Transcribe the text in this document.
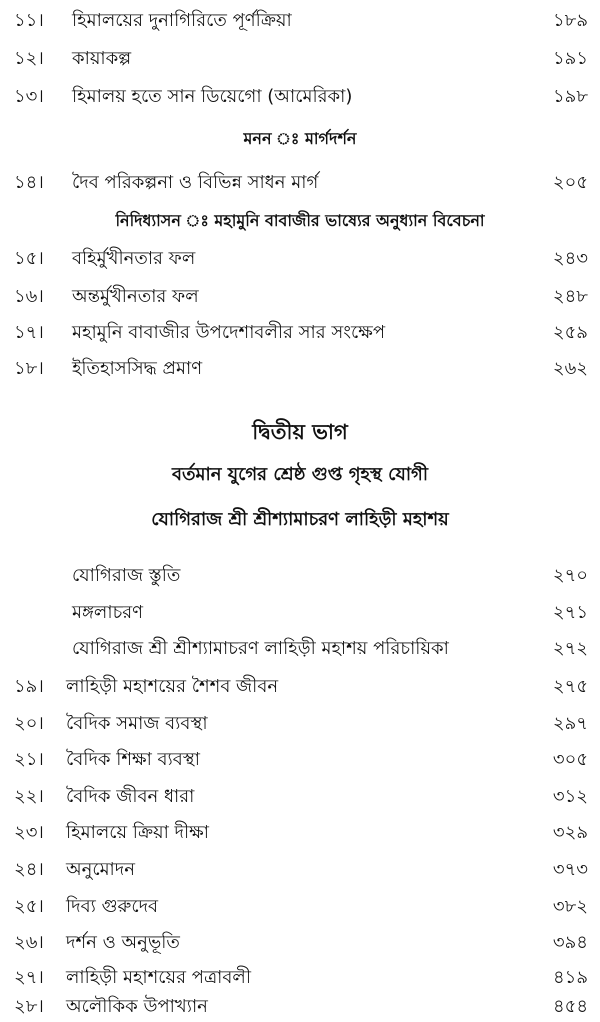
১১। হিমালয়ের দুনাগিরিতে পূর্ণক্রিয়া	১৮৯
১২। কায়াকল্প	১৯১
১৩। হিমালয় হতে সান ডিয়েগো (আমেরিকা)	১৯৮
মনন ঃ মার্গদর্শন
১৪। দৈব পরিকল্পনা ও বিভিন্ন সাধন মার্গ	২০৫
নিদিধ্যাসন ঃ মহামুনি বাবাজীর ভাষ্যের অনুধ্যান বিবেচনা
১৫। বহির্মুখীনতার ফল	২৪৩
১৬। অন্তর্মুখীনতার ফল	২৪৮
১৭। মহামুনি বাবাজীর উপদেশাবলীর সার সংক্ষেপ	২৫৯
১৮। ইতিহাসসিদ্ধ প্রমাণ	২৬২
দ্বিতীয় ভাগ
বর্তমান যুগের শ্রেষ্ঠ গুপ্ত গৃহস্থ যোগী
যোগিরাজ শ্রী শ্রীশ্যামাচরণ লাহিড়ী মহাশয়
যোগিরাজ স্তুতি	২৭০
মঙ্গলাচরণ	২৭১
যোগিরাজ শ্রী শ্রীশ্যামাচরণ লাহিড়ী মহাশয় পরিচায়িকা	২৭২
১৯। লাহিড়ী মহাশয়ের শৈশব জীবন	২৭৫
২০। বৈদিক সমাজ ব্যবস্থা	২৯৭
২১। বৈদিক শিক্ষা ব্যবস্থা	৩০৫
২২। বৈদিক জীবন ধারা	৩১২
২৩। হিমালয়ে ক্রিয়া দীক্ষা	৩২৯
২৪। অনুমোদন	৩৭৩
২৫। দিব্য গুরুদেব	৩৮২
২৬। দর্শন ও অনুভূতি	৩৯৪
২৭। লাহিড়ী মহাশয়ের পত্রাবলী	৪১৯
২৮। অলৌকিক উপাখ্যান	৪৫৪
